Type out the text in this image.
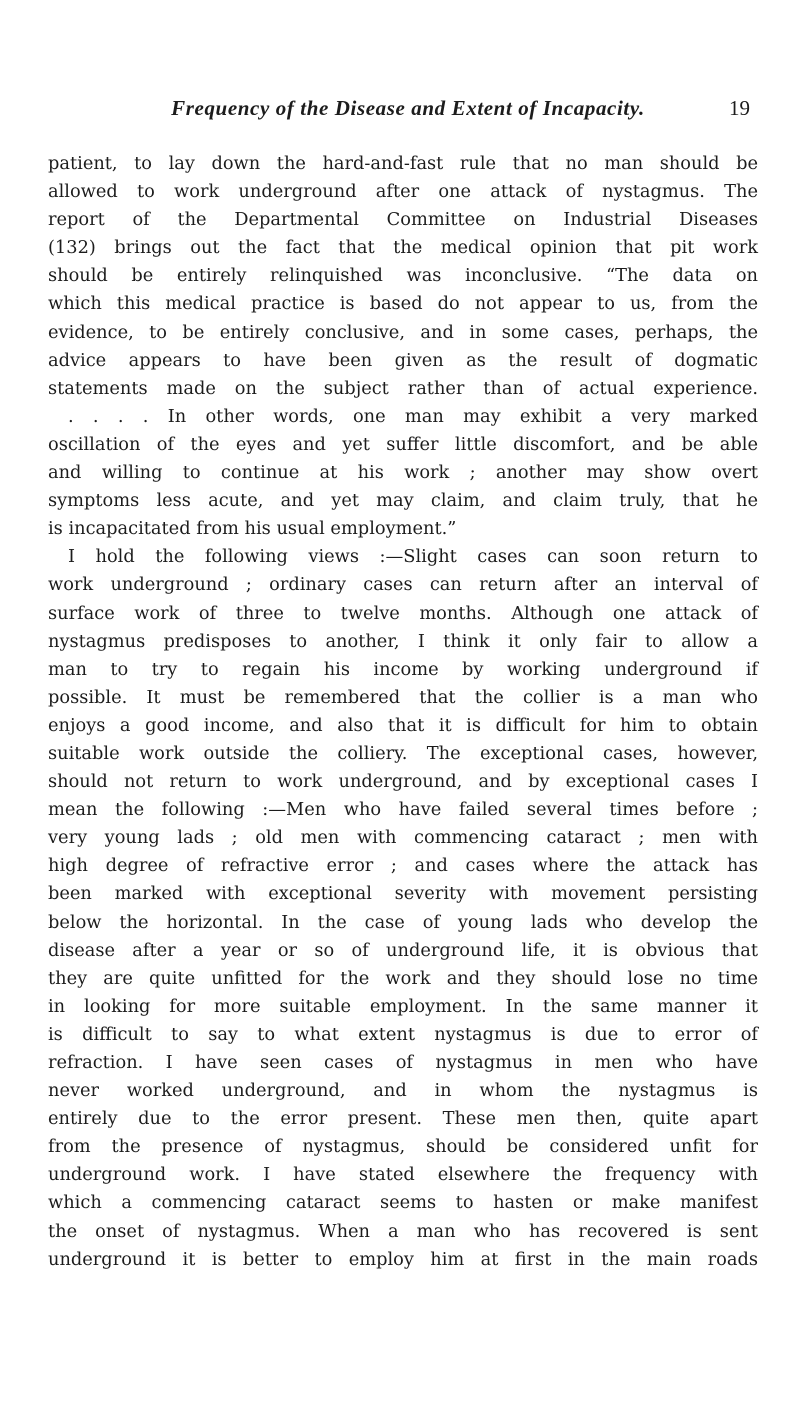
Frequency of the Disease and Extent of Incapacity.	19
patient, to lay down the hard-and-fast rule that no man should be
allowed to work underground after one attack of nystagmus. The
report of the Departmental Committee on Industrial Diseases
(132) brings out the fact that the medical opinion that pit work
should be entirely relinquished was inconclusive. “The data on
which this medical practice is based do not appear to us, from the
evidence, to be entirely conclusive, and in some cases, perhaps, the
advice appears to have been given as the result of dogmatic
statements made on the subject rather than of actual experience.
. . . . In other words, one man may exhibit a very marked
oscillation of the eyes and yet suffer little discomfort, and be able
and willing to continue at his work ; another may show overt
symptoms less acute, and yet may claim, and claim truly, that he
is incapacitated from his usual employment.”
I hold the following views :—Slight cases can soon return to
work underground ; ordinary cases can return after an interval of
surface work of three to twelve months. Although one attack of
nystagmus predisposes to another, I think it only fair to allow a
man to try to regain his income by working underground if
possible. It must be remembered that the collier is a man who
enjoys a good income, and also that it is difficult for him to obtain
suitable work outside the colliery. The exceptional cases, however,
should not return to work underground, and by exceptional cases I
mean the following :—Men who have failed several times before ;
very young lads ; old men with commencing cataract ; men with
high degree of refractive error ; and cases where the attack has
been marked with exceptional severity with movement persisting
below the horizontal. In the case of young lads who develop the
disease after a year or so of underground life, it is obvious that
they are quite unfitted for the work and they should lose no time
in looking for more suitable employment. In the same manner it
is difficult to say to what extent nystagmus is due to error of
refraction. I have seen cases of nystagmus in men who have
never worked underground, and in whom the nystagmus is
entirely due to the error present. These men then, quite apart
from the presence of nystagmus, should be considered unfit for
underground work. I have stated elsewhere the frequency with
which a commencing cataract seems to hasten or make manifest
the onset of nystagmus. When a man who has recovered is sent
underground it is better to employ him at first in the main roads
